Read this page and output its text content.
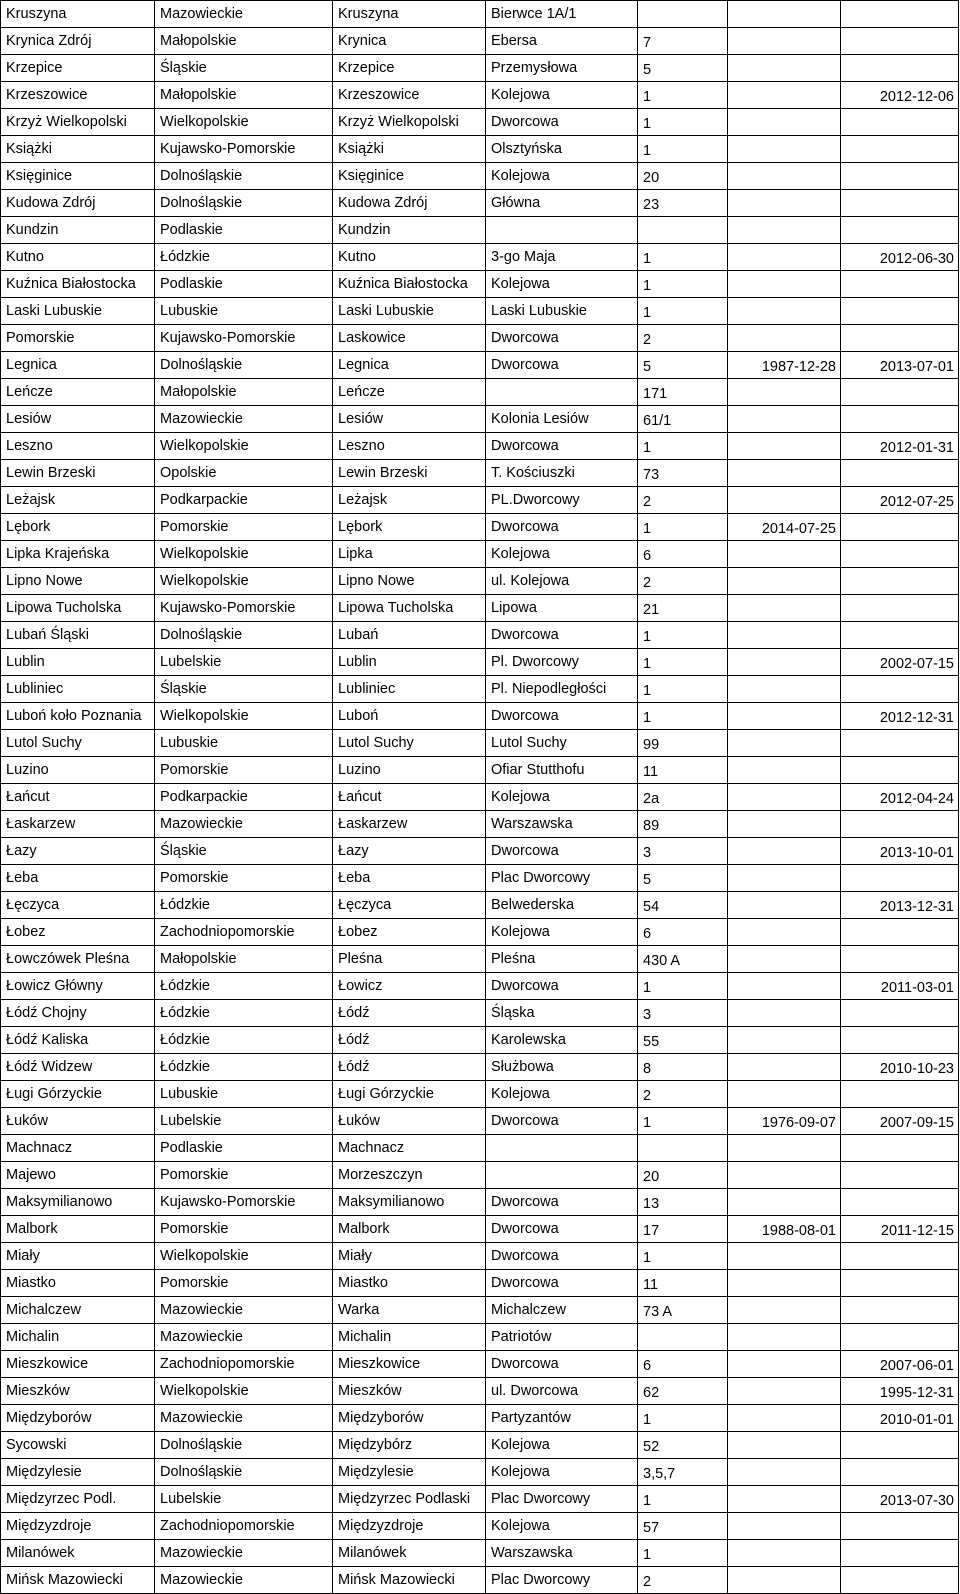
Kruszyna	Mazowieckie	Kruszyna	Bierwce 1A/1			
Krynica Zdrój	Małopolskie	Krynica	Ebersa	7		
Krzepice	Śląskie	Krzepice	Przemysłowa	5		
Krzeszowice	Małopolskie	Krzeszowice	Kolejowa	1		2012-12-06
Krzyż Wielkopolski	Wielkopolskie	Krzyż Wielkopolski	Dworcowa	1		
Książki	Kujawsko-Pomorskie	Książki	Olsztyńska	1		
Księginice	Dolnośląskie	Księginice	Kolejowa	20		
Kudowa Zdrój	Dolnośląskie	Kudowa Zdrój	Główna	23		
Kundzin	Podlaskie	Kundzin				
Kutno	Łódzkie	Kutno	3-go Maja	1		2012-06-30
Kuźnica Białostocka	Podlaskie	Kuźnica Białostocka	Kolejowa	1		
Laski Lubuskie	Lubuskie	Laski Lubuskie	Laski Lubuskie	1		
Pomorskie	Kujawsko-Pomorskie	Laskowice	Dworcowa	2		
Legnica	Dolnośląskie	Legnica	Dworcowa	5	1987-12-28	2013-07-01
Leńcze	Małopolskie	Leńcze		171		
Lesiów	Mazowieckie	Lesiów	Kolonia Lesiów	61/1		
Leszno	Wielkopolskie	Leszno	Dworcowa	1		2012-01-31
Lewin Brzeski	Opolskie	Lewin Brzeski	T. Kościuszki	73		
Leżajsk	Podkarpackie	Leżajsk	PL.Dworcowy	2		2012-07-25
Lębork	Pomorskie	Lębork	Dworcowa	1	2014-07-25	
Lipka Krajeńska	Wielkopolskie	Lipka	Kolejowa	6		
Lipno Nowe	Wielkopolskie	Lipno Nowe	ul. Kolejowa	2		
Lipowa Tucholska	Kujawsko-Pomorskie	Lipowa Tucholska	Lipowa	21		
Lubań Śląski	Dolnośląskie	Lubań	Dworcowa	1		
Lublin	Lubelskie	Lublin	Pl. Dworcowy	1		2002-07-15
Lubliniec	Śląskie	Lubliniec	Pl. Niepodległości	1		
Luboń koło Poznania	Wielkopolskie	Luboń	Dworcowa	1		2012-12-31
Lutol Suchy	Lubuskie	Lutol Suchy	Lutol Suchy	99		
Luzino	Pomorskie	Luzino	Ofiar Stutthofu	11		
Łańcut	Podkarpackie	Łańcut	Kolejowa	2a		2012-04-24
Łaskarzew	Mazowieckie	Łaskarzew	Warszawska	89		
Łazy	Śląskie	Łazy	Dworcowa	3		2013-10-01
Łeba	Pomorskie	Łeba	Plac Dworcowy	5		
Łęczyca	Łódzkie	Łęczyca	Belwederska	54		2013-12-31
Łobez	Zachodniopomorskie	Łobez	Kolejowa	6		
Łowczówek Pleśna	Małopolskie	Pleśna	Pleśna	430 A		
Łowicz Główny	Łódzkie	Łowicz	Dworcowa	1		2011-03-01
Łódź Chojny	Łódzkie	Łódź	Śląska	3		
Łódź Kaliska	Łódzkie	Łódź	Karolewska	55		
Łódź Widzew	Łódzkie	Łódź	Służbowa	8		2010-10-23
Ługi Górzyckie	Lubuskie	Ługi Górzyckie	Kolejowa	2		
Łuków	Lubelskie	Łuków	Dworcowa	1	1976-09-07	2007-09-15
Machnacz	Podlaskie	Machnacz				
Majewo	Pomorskie	Morzeszczyn		20		
Maksymilianowo	Kujawsko-Pomorskie	Maksymilianowo	Dworcowa	13		
Malbork	Pomorskie	Malbork	Dworcowa	17	1988-08-01	2011-12-15
Miały	Wielkopolskie	Miały	Dworcowa	1		
Miastko	Pomorskie	Miastko	Dworcowa	11		
Michalczew	Mazowieckie	Warka	Michalczew	73 A		
Michalin	Mazowieckie	Michalin	Patriotów			
Mieszkowice	Zachodniopomorskie	Mieszkowice	Dworcowa	6		2007-06-01
Mieszków	Wielkopolskie	Mieszków	ul. Dworcowa	62		1995-12-31
Międzyborów	Mazowieckie	Międzyborów	Partyzantów	1		2010-01-01
Sycowski	Dolnośląskie	Międzybórz	Kolejowa	52		
Międzylesie	Dolnośląskie	Międzylesie	Kolejowa	3,5,7		
Międzyrzec Podl.	Lubelskie	Międzyrzec Podlaski	Plac Dworcowy	1		2013-07-30
Międzyzdroje	Zachodniopomorskie	Międzyzdroje	Kolejowa	57		
Milanówek	Mazowieckie	Milanówek	Warszawska	1		
Mińsk Mazowiecki	Mazowieckie	Mińsk Mazowiecki	Plac Dworcowy	2		
